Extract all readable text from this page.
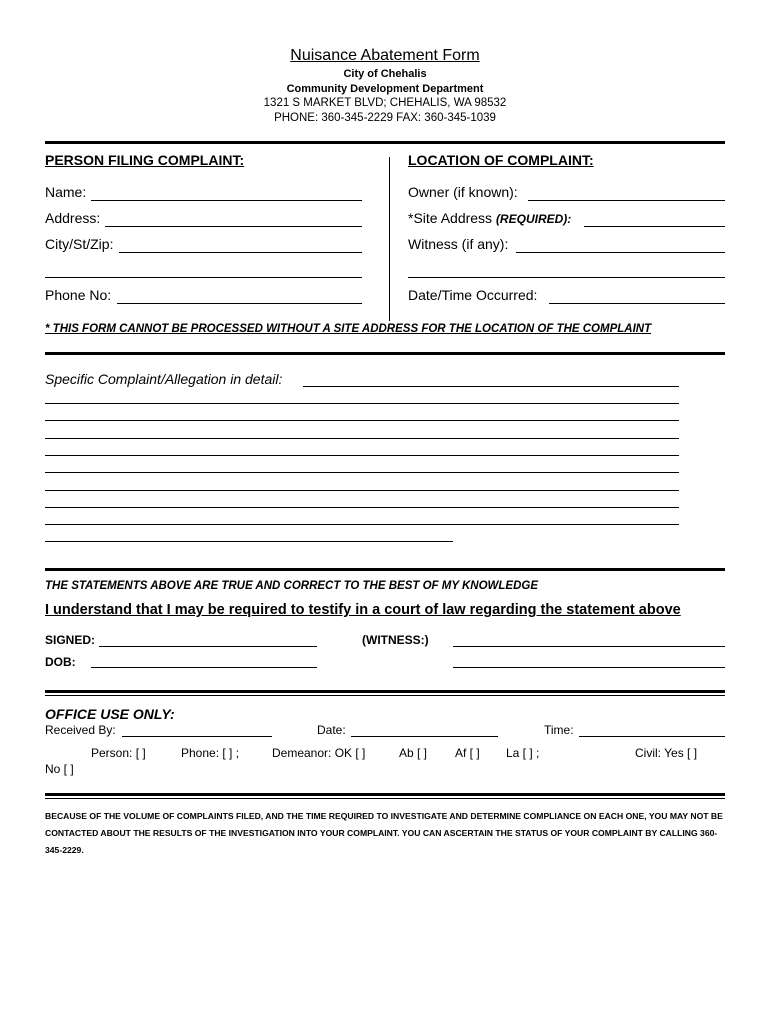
Nuisance Abatement Form
City of Chehalis
Community Development Department
1321 S MARKET BLVD; CHEHALIS, WA 98532
PHONE: 360-345-2229 FAX: 360-345-1039
PERSON FILING COMPLAINT:
Name:
Address:
City/St/Zip:
Phone No:
LOCATION OF COMPLAINT:
Owner (if known):
*Site Address (REQUIRED):
Witness (if any):
Date/Time Occurred:
* THIS FORM CANNOT BE PROCESSED WITHOUT A SITE ADDRESS FOR THE LOCATION OF THE COMPLAINT
Specific Complaint/Allegation in detail:
THE STATEMENTS ABOVE ARE TRUE AND CORRECT TO THE BEST OF MY KNOWLEDGE
I understand that I may be required to testify in a court of law regarding the statement above
SIGNED:	(WITNESS:)
DOB:
OFFICE USE ONLY:
Received By:	Date:	Time:
Person: [ ]	Phone: [ ] ;	Demeanor: OK [ ]	Ab [ ] Af [ ] La [ ] ;	Civil: Yes [ ]
No [ ]
BECAUSE OF THE VOLUME OF COMPLAINTS FILED, AND THE TIME REQUIRED TO INVESTIGATE AND DETERMINE COMPLIANCE ON EACH ONE, YOU MAY NOT BE CONTACTED ABOUT THE RESULTS OF THE INVESTIGATION INTO YOUR COMPLAINT. YOU CAN ASCERTAIN THE STATUS OF YOUR COMPLAINT BY CALLING 360-345-2229.
